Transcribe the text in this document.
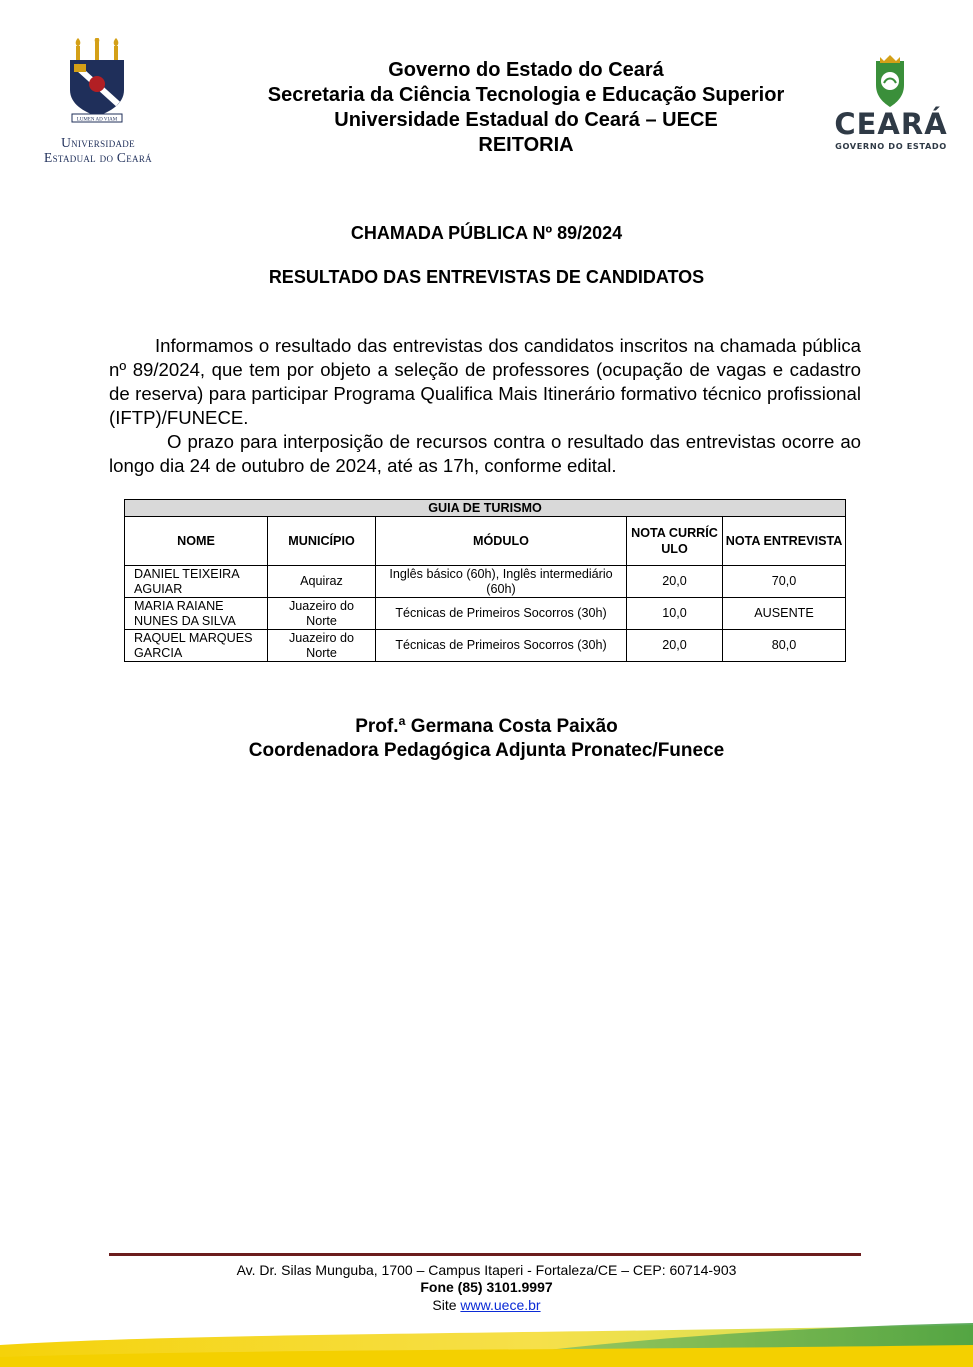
LUMEN AD VIAM
Universidade
Estadual do Ceará
CEARÁ
GOVERNO DO ESTADO
Governo do Estado do Ceará
Secretaria da Ciência Tecnologia e Educação Superior
Universidade Estadual do Ceará – UECE
REITORIA
CHAMADA PÚBLICA Nº 89/2024
RESULTADO DAS ENTREVISTAS DE CANDIDATOS

Informamos o resultado das entrevistas dos candidatos inscritos na chamada pública nº 89/2024, que tem por objeto a seleção de professores (ocupação de vagas e cadastro de reserva) para participar Programa Qualifica Mais Itinerário formativo técnico profissional (IFTP)/FUNECE.

O prazo para interposição de recursos contra o resultado das entrevistas ocorre ao longo dia 24 de outubro de 2024, até as 17h, conforme edital.

GUIA DE TURISMO				
NOME	MUNICÍPIO	MÓDULO	NOTA CURRÍCULO	NOTA ENTREVISTA
DANIEL TEIXEIRA AGUIAR	Aquiraz	Inglês básico (60h), Inglês intermediário (60h)	20,0	70,0
MARIA RAIANE NUNES DA SILVA	Juazeiro do Norte	Técnicas de Primeiros Socorros (30h)	10,0	AUSENTE
RAQUEL MARQUES GARCIA	Juazeiro do Norte	Técnicas de Primeiros Socorros (30h)	20,0	80,0
Prof.ª Germana Costa Paixão
Coordenadora Pedagógica Adjunta Pronatec/Funece
Av. Dr. Silas Munguba, 1700 – Campus Itaperi - Fortaleza/CE – CEP: 60714-903
Fone (85) 3101.9997
Site www.uece.br
